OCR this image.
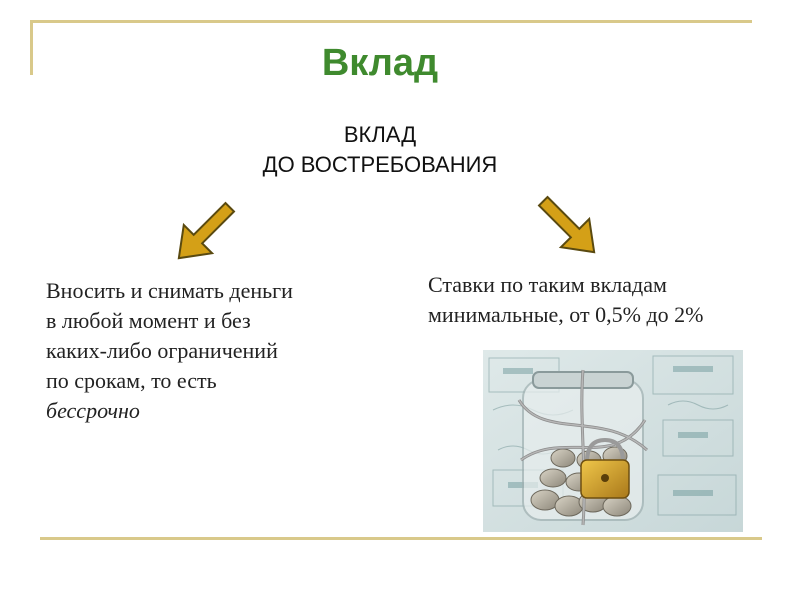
Вклад
ВКЛАД
ДО ВОСТРЕБОВАНИЯ
Вносить и снимать деньги
в любой момент и без
каких-либо ограничений
по срокам, то есть
бессрочно
Ставки по таким вкладам
минимальные, от 0,5% до 2%
